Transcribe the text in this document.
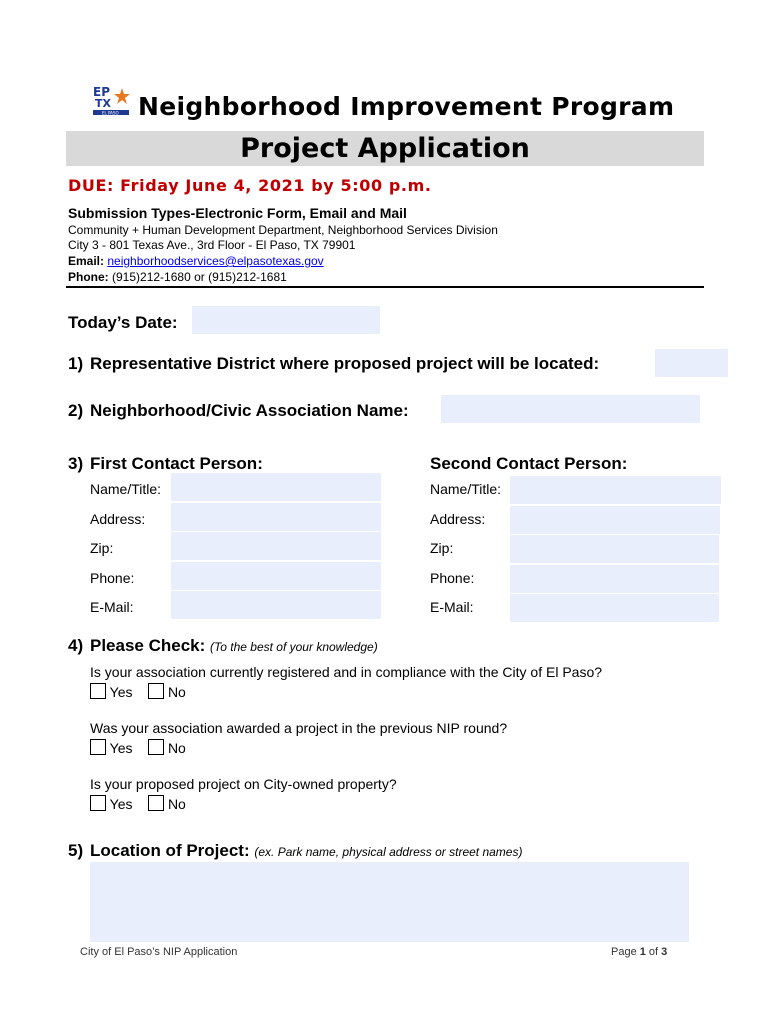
EP
TX
EL PASO Neighborhood Improvement Program
Project Application
DUE: Friday June 4, 2021 by 5:00 p.m.
Submission Types-Electronic Form, Email and Mail
Community + Human Development Department, Neighborhood Services Division
City 3 - 801 Texas Ave., 3rd Floor - El Paso, TX 79901
Email: neighborhoodservices@elpasotexas.gov
Phone: (915)212-1680 or (915)212-1681
Today’s Date:
1) Representative District where proposed project will be located:
2) Neighborhood/Civic Association Name:
3) First Contact Person:	Second Contact Person:
Name/Title:	Name/Title:
Address:	Address:
Zip:	Zip:
Phone:	Phone:
E-Mail:	E-Mail:
4) Please Check: (To the best of your knowledge)
Is your association currently registered and in compliance with the City of El Paso?
Yes	No
Was your association awarded a project in the previous NIP round?
Yes	No
Is your proposed project on City-owned property?
Yes	No
5) Location of Project: (ex. Park name, physical address or street names)
City of El Paso’s NIP Application	Page 1 of 3
